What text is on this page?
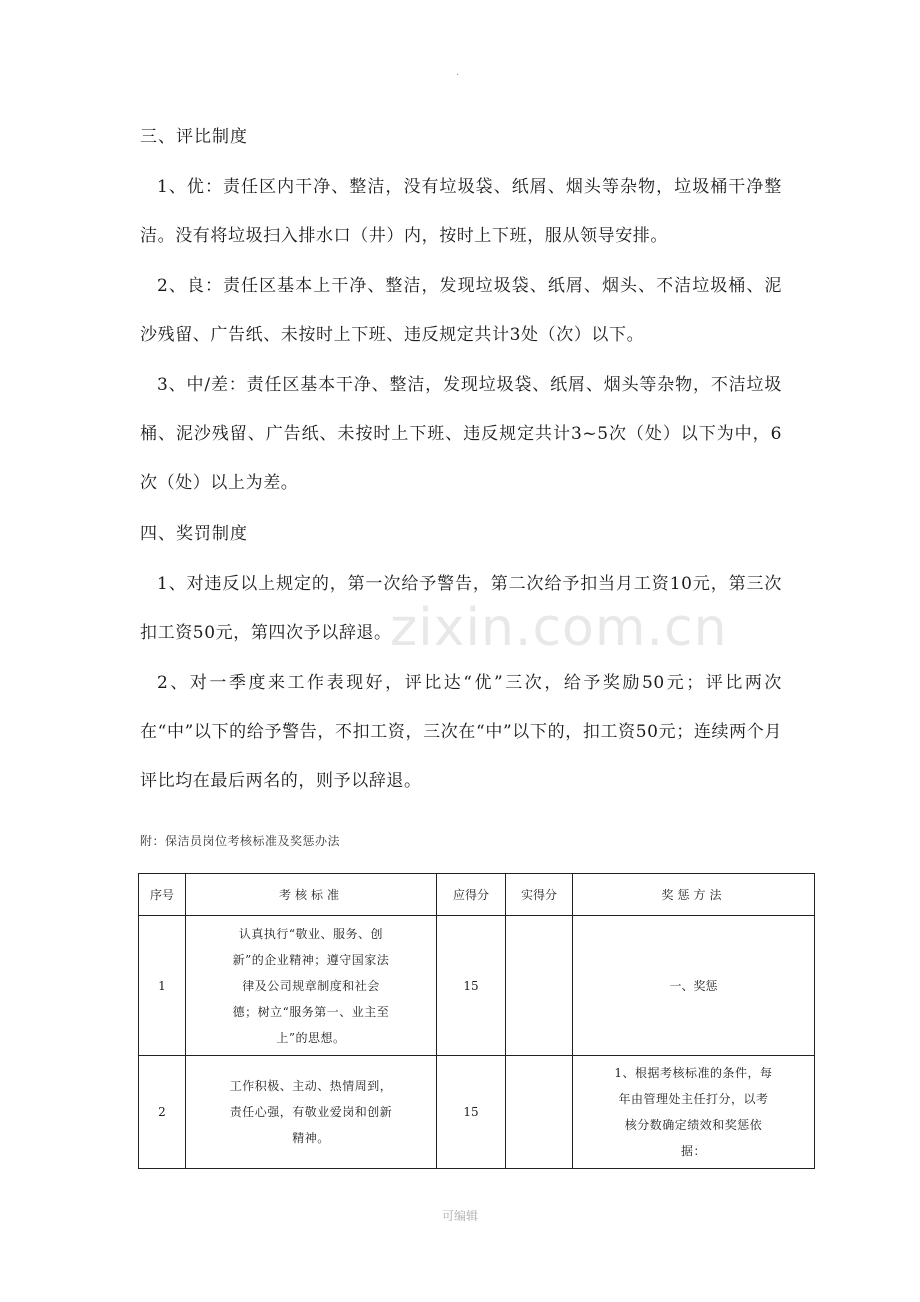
·
zixin.com.cn

三、评比制度

1、优：责任区内干净、整洁，没有垃圾袋、纸屑、烟头等杂物，垃圾桶干净整洁。没有将垃圾扫入排水口（井）内，按时上下班，服从领导安排。

2、良：责任区基本上干净、整洁，发现垃圾袋、纸屑、烟头、不洁垃圾桶、泥沙残留、广告纸、未按时上下班、违反规定共计3处（次）以下。

3、中/差：责任区基本干净、整洁，发现垃圾袋、纸屑、烟头等杂物，不洁垃圾桶、泥沙残留、广告纸、未按时上下班、违反规定共计3~5次（处）以下为中，6次（处）以上为差。

四、奖罚制度

1、对违反以上规定的，第一次给予警告，第二次给予扣当月工资10元，第三次扣工资50元，第四次予以辞退。

2、对一季度来工作表现好，评比达“优”三次，给予奖励50元；评比两次在“中”以下的给予警告，不扣工资，三次在“中”以下的，扣工资50元；连续两个月评比均在最后两名的，则予以辞退。

附：保洁员岗位考核标准及奖惩办法
序号	考核标准	应得分	实得分	奖惩方法
1	认真执行“敬业、服务、创新”的企业精神；遵守国家法律及公司规章制度和社会德；树立“服务第一、业主至上”的思想。	15		一、奖惩
2	工作积极、主动、热情周到，责任心强，有敬业爱岗和创新精神。	15		1、根据考核标准的条件，每年由管理处主任打分，以考核分数确定绩效和奖惩依据：
可编辑
